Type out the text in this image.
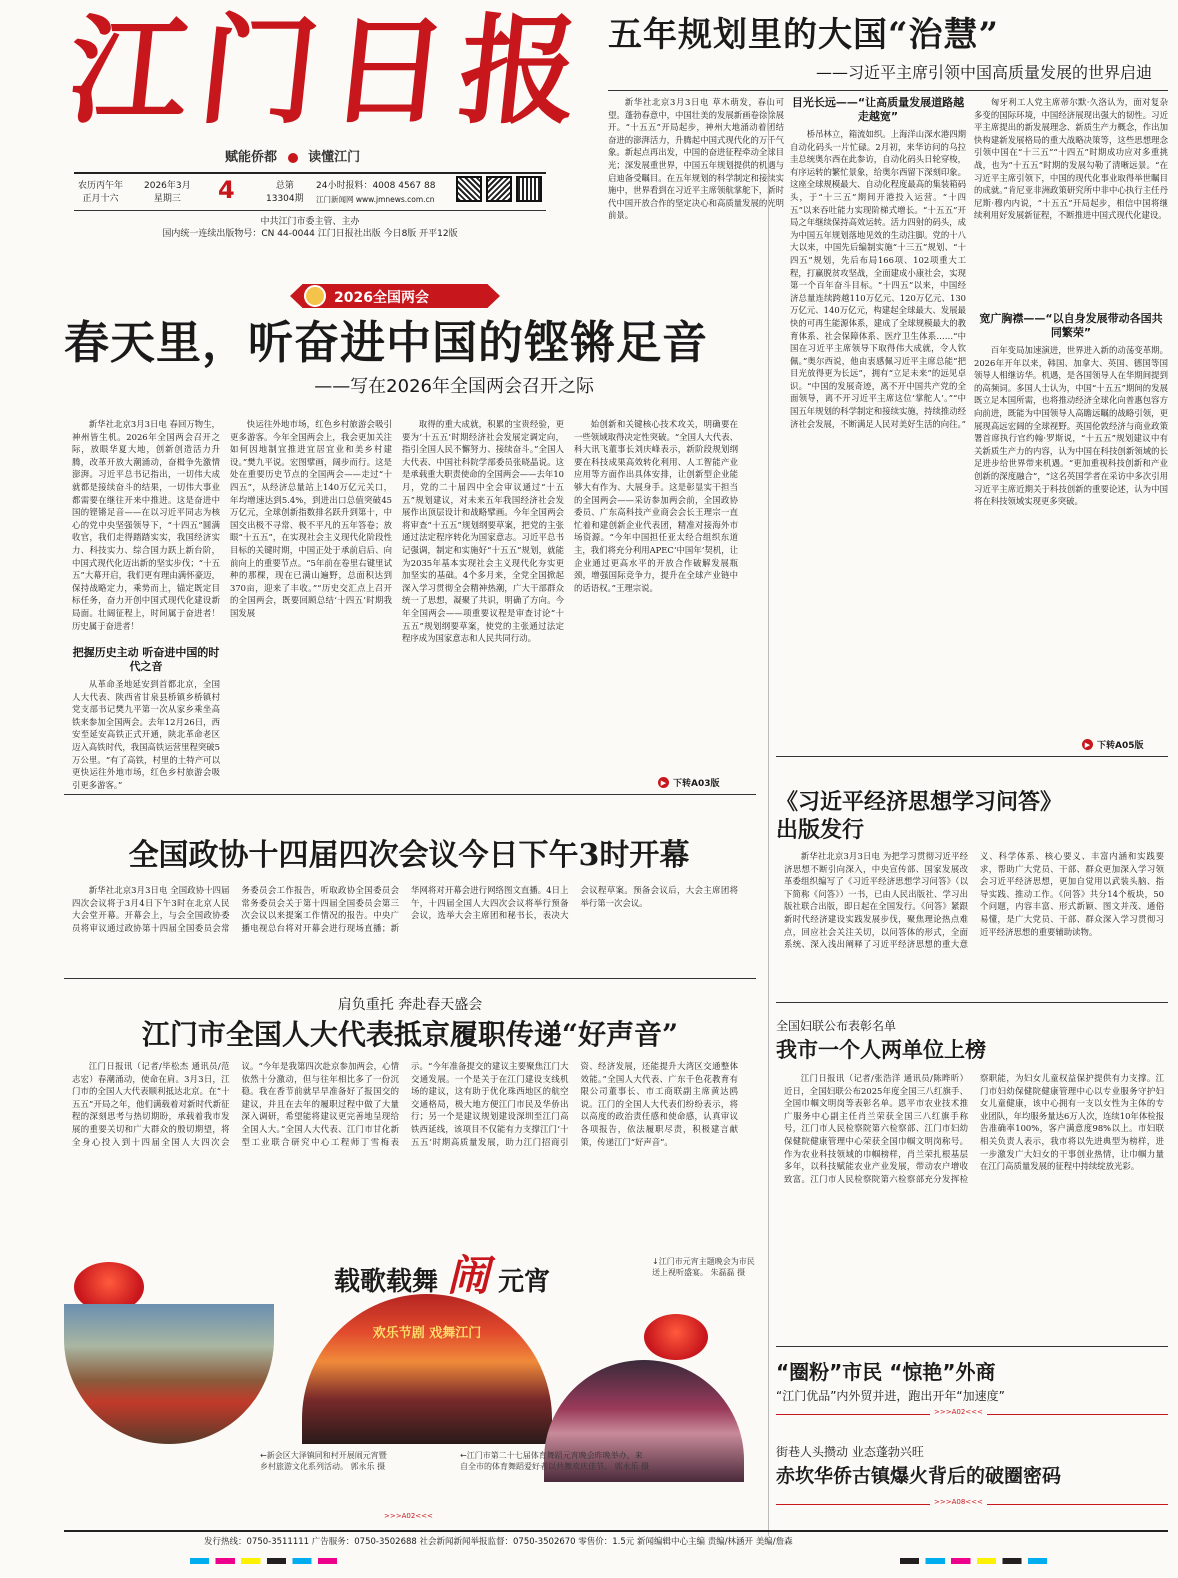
江门日报
赋能侨都 读懂江门
农历丙午年
正月十六
2026年3月
星期三	4	总第
13304期
24小时报料：4008 4567 88
江门新闻网 www.jmnews.com.cn
中共江门市委主管、主办
国内统一连续出版物号：CN 44-0044 江门日报社出版 今日8版 开平12版
五年规划里的大国“治慧”
——习近平主席引领中国高质量发展的世界启迪

新华社北京3月3日电 草木萌发，春山可望。蓬勃春意中，中国壮美的发展新画卷徐徐展开。“十五五”开局起步，神州大地涌动着团结奋进的澎湃活力，升腾起中国式现代化的万千气象。新起点再出发，中国的奋进征程牵动全球目光；深发展重世界，中国五年规划提供的机遇与启迪备受瞩目。在五年规划的科学制定和接续实施中，世界看到在习近平主席领航掌舵下，新时代中国开放合作的坚定决心和高质量发展的光明前景。

目光长远——“让高质量发展道路越走越宽”

桥吊林立，箱流如织。上海洋山深水港四期自动化码头一片忙碌。2月初，来华访问的乌拉圭总统奥尔西在此参访，自动化码头日轮穿梭，有序运转的繁忙景象，给奥尔西留下深刻印象。这座全球规模最大、自动化程度最高的集装箱码头，于“十三五”期间开港投入运营。“十四五”以来吞吐能力实现阶梯式增长。“十五五”开局之年继续保持高效运转。活力四射的码头，成为中国五年规划落地见效的生动注脚。党的十八大以来，中国先后编制实施“十三五”规划、“十四五”规划，先后布局166项、102项重大工程，打赢脱贫攻坚战，全面建成小康社会，实现第一个百年奋斗目标。“十四五”以来，中国经济总量连续跨越110万亿元、120万亿元、130万亿元、140万亿元，构建起全球最大、发展最快的可再生能源体系，建成了全球规模最大的教育体系、社会保障体系、医疗卫生体系……“中国在习近平主席领导下取得伟大成就，令人钦佩。”奥尔西说，他由衷感佩习近平主席总能“把目光放得更为长远”，拥有“立足未来”的远见卓识。“中国的发展奇迹，离不开中国共产党的全面领导，离不开习近平主席这位‘掌舵人’。”“中国五年规划的科学制定和接续实施，持续推动经济社会发展，不断满足人民对美好生活的向往。”

匈牙利工人党主席蒂尔默·久洛认为，面对复杂多变的国际环境，中国经济展现出强大的韧性。习近平主席提出的新发展理念、新质生产力概念，作出加快构建新发展格局的重大战略决策等，这些思想理念引领中国在“十三五”“十四五”时期成功应对多重挑战，也为“十五五”时期的发展勾勒了清晰远景。“在习近平主席引领下，中国的现代化事业取得举世瞩目的成就。”肯尼亚非洲政策研究所中非中心执行主任丹尼斯·穆内内说，“十五五”开局起步，相信中国将继续利用好发展新征程，不断推进中国式现代化建设。

宽广胸襟——“以自身发展带动各国共同繁荣”

百年变局加速演进，世界进入新的动荡变革期。2026年开年以来，韩国、加拿大、英国、德国等国领导人相继访华。机遇，是各国领导人在华期间提到的高频词。多国人士认为，中国“十五五”期间的发展既立足本国所需，也将推动经济全球化向普惠包容方向前进，既能为中国领导人高瞻远瞩的战略引领，更展现高远宏阔的全球视野。英国伦敦经济与商业政策署首席执行官约翰·罗斯说，“十五五”规划建议中有关新质生产力的内容，认为中国在科技创新领域的长足进步给世界带来机遇。“更加重视科技创新和产业创新的深度融合”，“这名英国学者在采访中多次引用习近平主席近期关于科技创新的重要论述，认为中国将在科技领域实现更多突破。

▶ 下转A05版
2026全国两会
春天里，听奋进中国的铿锵足音
——写在2026年全国两会召开之际

新华社北京3月3日电 春回万物生，神州皆生机。2026年全国两会召开之际，放眼华夏大地，创新创造活力升腾，改革开放大潮涌动，奋楫争先激情澎湃。习近平总书记指出，一切伟大成就都是接续奋斗的结果，一切伟大事业都需要在继往开来中推进。这是奋进中国的铿锵足音——在以习近平同志为核心的党中央坚强领导下，“十四五”圆满收官，我们走得踏踏实实，我国经济实力、科技实力、综合国力跃上新台阶，中国式现代化迈出新的坚实步伐；“十五五”大幕开启，我们更有理由满怀豪迈，保持战略定力，乘势而上，锚定既定目标任务，奋力开创中国式现代化建设新局面。壮阔征程上，时间属于奋进者！历史属于奋进者！

把握历史主动 听奋进中国的时代之音

从革命圣地延安到首都北京，全国人大代表、陕西省甘泉县桥镇乡桥镇村党支部书记樊九平第一次从家乡乘坐高铁来参加全国两会。去年12月26日，西安至延安高铁正式开通，陕北革命老区迈入高铁时代，我国高铁运营里程突破5万公里。“有了高铁，村里的土特产可以更快运往外地市场，红色乡村旅游会吸引更多游客。”

快运往外地市场，红色乡村旅游会吸引更多游客。今年全国两会上，我会更加关注如何因地制宜推进宜居宜业和美乡村建设。”樊九平说。宏图擘画，阔步而行。这是处在重要历史节点的全国两会——走过“十四五”，从经济总量站上140万亿元关口，年均增速达到5.4%，到进出口总值突破45万亿元，全球创新指数排名跃升到第十，中国交出极不寻常、极不平凡的五年答卷；放眼“十五五”，在实现社会主义现代化阶段性目标的关键时期，中国正处于承前启后、向前向上的重要节点。“5年前在卷里右键里试种的那棵，现在已满山遍野，总面积达到370亩，迎来了丰收。”“历史交汇点上召开的全国两会，既要回顾总结‘十四五’时期我国发展

取得的重大成就，积累的宝贵经验，更要为‘十五五’时期经济社会发展定调定向，指引全国人民不懈努力、接续奋斗。”全国人大代表、中国社科院学部委员张晓晶说。这是承载重大职责使命的全国两会——去年10月，党的二十届四中全会审议通过“十五五”规划建议，对未来五年我国经济社会发展作出顶层设计和战略擘画。今年全国两会将审查“十五五”规划纲要草案，把党的主张通过法定程序转化为国家意志。习近平总书记强调，制定和实施好“十五五”规划，就能为2035年基本实现社会主义现代化夯实更加坚实的基础。4个多月来，全党全国掀起深入学习贯彻全会精神热潮，广大干部群众统一了思想，凝聚了共识，明确了方向。今年全国两会——项重要议程是审查讨论“十五五”规划纲要草案，使党的主张通过法定程序成为国家意志和人民共同行动。

始创新和关键核心技术攻关，明确要在一些领域取得决定性突破。“全国人大代表、科大讯飞董事长刘庆峰表示，新阶段规划纲要在科技成果高效转化利用、人工智能产业应用等方面作出具体安排，让创新型企业能够大有作为、大展身手。这是彰显实干担当的全国两会——采访参加两会前，全国政协委员、广东高科技产业商会会长王理宗一直忙着和建创新企业代表团，精准对接海外市场资源。“今年中国担任亚太经合组织东道主，我们将充分利用APEC‘中国年’契机，让企业通过更高水平的开放合作破解发展瓶颈，增强国际竞争力，提升在全球产业链中的话语权。”王理宗说。

▶ 下转A03版
全国政协十四届四次会议今日下午3时开幕

新华社北京3月3日电 全国政协十四届四次会议将于3月4日下午3时在北京人民大会堂开幕。开幕会上，与会全国政协委员将审议通过政协第十四届全国委员会常务委员会工作报告，听取政协全国委员会常务委员会关于第十四届全国委员会第三次会议以来提案工作情况的报告。中央广播电视总台将对开幕会进行现场直播；新华网将对开幕会进行网络图文直播。4日上午，十四届全国人大四次会议将举行预备会议，选举大会主席团和秘书长，表决大会议程草案。预备会议后，大会主席团将举行第一次会议。

肩负重托 奔赴春天盛会
江门市全国人大代表抵京履职传递“好声音”

江门日报讯（记者/毕松杰 通讯员/范志宏）春潮涌动，使命在肩。3月3日，江门市的全国人大代表顺利抵达北京。在“十五五”开局之年，他们满载着对新时代新征程的深刻思考与热切期盼，承载着我市发展的重要关切和广大群众的殷切期望，将全身心投入到十四届全国人大四次会议。“今年是我第四次赴京参加两会，心情依然十分激动，但与往年相比多了一份沉稳。我在香节前就早早准备好了报国交的建议，并且在去年的履职过程中做了大量深入调研，希望能将建议更完善地呈现给全国人大。”全国人大代表、江门市甘化新型工业联合研究中心工程师丁雪梅表示。“今年准备提交的建议主要聚焦江门大交通发展。一个是关于在江门建设支线机场的建议，这有助于优化珠西地区的航空交通格局，极大地方便江门市民及华侨出行；另一个是建议规划建设深圳至江门高铁西延线，该项目不仅能有力支撑江门‘十五五’时期高质量发展，助力江门招商引资、经济发展，还能提升大湾区交通整体效能。”全国人大代表、广东千色花教育有限公司董事长、市工商联副主席黄达鸥说。江门的全国人大代表们纷纷表示，将以高度的政治责任感和使命感，认真审议各项报告，依法履职尽责，积极建言献策，传递江门“好声音”。

载歌载舞 闹 元宵
↓江门市元宵主题晚会为市民送上视听盛宴。 朱磊磊 摄
欢乐节剧 戏舞江门
←新会区大泽镇同和村开展闹元宵暨乡村旅游文化系列活动。 郭永乐 摄
←江门市第二十七届体育舞蹈元宵晚会昨晚举办，来自全市的体育舞蹈爱好者以共舞欢庆佳节。 郭永乐 摄
>>>A02<<<
《习近平经济思想学习问答》出版发行

新华社北京3月3日电 为把学习贯彻习近平经济思想不断引向深入，中央宣传部、国家发展改革委组织编写了《习近平经济思想学习问答》（以下简称《问答》）一书，已由人民出版社、学习出版社联合出版，即日起在全国发行。《问答》紧跟新时代经济建设实践发展步伐，聚焦理论热点难点，回应社会关注关切，以问答体的形式，全面系统、深入浅出阐释了习近平经济思想的重大意义、科学体系、核心要义、丰富内涵和实践要求，帮助广大党员、干部、群众更加深入学习领会习近平经济思想，更加自觉用以武装头脑、指导实践、推动工作。《问答》共分14个板块，50个问题，内容丰富、形式新颖、图文并茂、通俗易懂，是广大党员、干部、群众深入学习贯彻习近平经济思想的重要辅助读物。

全国妇联公布表彰名单
我市一个人两单位上榜

江门日报讯（记者/张浩洋 通讯员/陈晔昕）近日，全国妇联公布2025年度全国三八红旗手、全国巾帼文明岗等表彰名单。恩平市农业技术推广服务中心副主任肖兰荣获全国三八红旗手称号，江门市人民检察院第六检察部、江门市妇幼保健院健康管理中心荣获全国巾帼文明岗称号。作为农业科技领域的巾帼榜样，肖兰荣扎根基层多年，以科技赋能农业产业发展，带动农户增收致富。江门市人民检察院第六检察部充分发挥检察职能，为妇女儿童权益保护提供有力支撑。江门市妇幼保健院健康管理中心以专业服务守护妇女儿童健康，该中心拥有一支以女性为主体的专业团队，年均服务量达6万人次，连续10年体检报告准确率100%，客户满意度98%以上。市妇联相关负责人表示，我市将以先进典型为榜样，进一步激发广大妇女的干事创业热情，让巾帼力量在江门高质量发展的征程中持续绽放光彩。

“圈粉”市民 “惊艳”外商
“江门优品”内外贸并进，跑出开年“加速度”
>>>A02<<<
街巷人头攒动 业态蓬勃兴旺
赤坎华侨古镇爆火背后的破圈密码
>>>A08<<<
发行热线：0750-3511111 广告服务：0750-3502688 社会新闻新闻举报监督：0750-3502670 零售价：1.5元 新闻编辑中心主编 责编/林涵开 美编/詹森
